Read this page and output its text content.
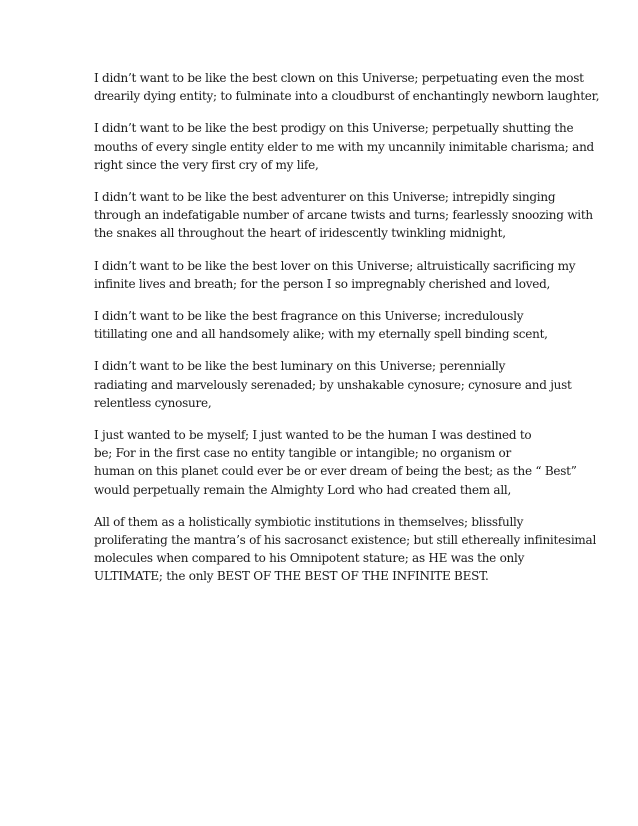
I didn’t want to be like the best clown on this Universe; perpetuating even the most
drearily dying entity; to fulminate into a cloudburst of enchantingly newborn laughter,
I didn’t want to be like the best prodigy on this Universe; perpetually shutting the
mouths of every single entity elder to me with my uncannily inimitable charisma; and
right since the very first cry of my life,
I didn’t want to be like the best adventurer on this Universe; intrepidly singing
through an indefatigable number of arcane twists and turns; fearlessly snoozing with
the snakes all throughout the heart of iridescently twinkling midnight,
I didn’t want to be like the best lover on this Universe; altruistically sacrificing my
infinite lives and breath; for the person I so impregnably cherished and loved,
I didn’t want to be like the best fragrance on this Universe; incredulously
titillating one and all handsomely alike; with my eternally spell binding scent,
I didn’t want to be like the best luminary on this Universe; perennially
radiating and marvelously serenaded; by unshakable cynosure; cynosure and just
relentless cynosure,
I just wanted to be myself; I just wanted to be the human I was destined to
be; For in the first case no entity tangible or intangible; no organism or
human on this planet could ever be or ever dream of being the best; as the “ Best”
would perpetually remain the Almighty Lord who had created them all,
All of them as a holistically symbiotic institutions in themselves; blissfully
proliferating the mantra’s of his sacrosanct existence; but still ethereally infinitesimal
molecules when compared to his Omnipotent stature; as HE was the only
ULTIMATE; the only BEST OF THE BEST OF THE INFINITE BEST.
